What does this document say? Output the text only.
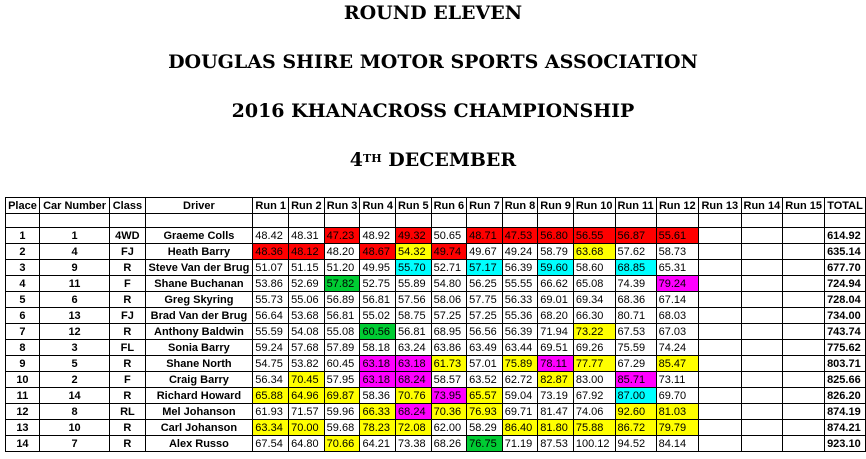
ROUND ELEVEN
DOUGLAS SHIRE MOTOR SPORTS ASSOCIATION
2016 KHANACROSS CHAMPIONSHIP
4TH DECEMBER
Place	Car Number	Class	Driver	Run 1	Run 2	Run 3	Run 4	Run 5	Run 6	Run 7	Run 8	Run 9	Run 10	Run 11	Run 12	Run 13	Run 14	Run 15	TOTAL

1	1	4WD	Graeme Colls	48.42	48.31	47.23	48.92	49.32	50.65	48.71	47.53	56.80	56.55	56.87	55.61				614.92
2	4	FJ	Heath Barry	48.36	48.12	48.20	48.67	54.32	49.74	49.67	49.24	58.79	63.68	57.62	58.73				635.14
3	9	R	Steve Van der Brug	51.07	51.15	51.20	49.95	55.70	52.71	57.17	56.39	59.60	58.60	68.85	65.31				677.70
4	11	F	Shane Buchanan	53.86	52.69	57.82	52.75	55.89	54.80	56.25	55.55	66.62	65.08	74.39	79.24				724.94
5	6	R	Greg Skyring	55.73	55.06	56.89	56.81	57.56	58.06	57.75	56.33	69.01	69.34	68.36	67.14				728.04
6	13	FJ	Brad Van der Brug	56.64	53.68	56.81	55.02	58.75	57.25	57.25	55.36	68.20	66.30	80.71	68.03				734.00
7	12	R	Anthony Baldwin	55.59	54.08	55.08	60.56	56.81	68.95	56.56	56.39	71.94	73.22	67.53	67.03				743.74
8	3	FL	Sonia Barry	59.24	57.68	57.89	58.18	63.24	63.86	63.49	63.44	69.51	69.26	75.59	74.24				775.62
9	5	R	Shane North	54.75	53.82	60.45	63.18	63.18	61.73	57.01	75.89	78.11	77.77	67.29	85.47				803.71
10	2	F	Craig Barry	56.34	70.45	57.95	63.18	68.24	58.57	63.52	62.72	82.87	83.00	85.71	73.11				825.66
11	14	R	Richard Howard	65.88	64.96	69.87	58.36	70.76	73.95	65.57	59.04	73.19	67.92	87.00	69.70				826.20
12	8	RL	Mel Johanson	61.93	71.57	59.96	66.33	68.24	70.36	76.93	69.71	81.47	74.06	92.60	81.03				874.19
13	10	R	Carl Johanson	63.34	70.00	59.68	78.23	72.08	62.00	58.29	86.40	81.80	75.88	86.72	79.79				874.21
14	7	R	Alex Russo	67.54	64.80	70.66	64.21	73.38	68.26	76.75	71.19	87.53	100.12	94.52	84.14				923.10
